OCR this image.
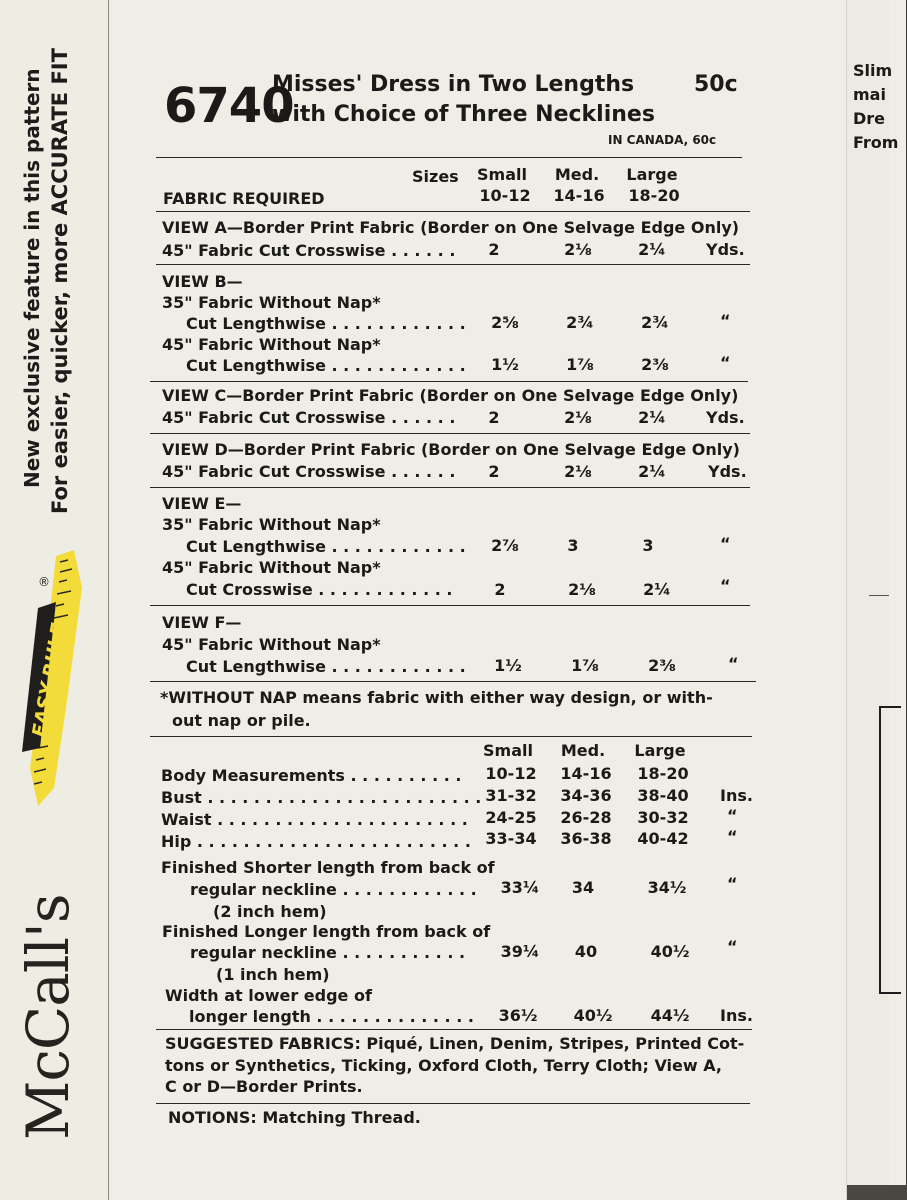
New exclusive feature in this pattern For easier, quicker, more ACCURATE FIT
EASY-RULE
®
McCall's
Slim
mai
Dre
From
6740
Misses' Dress in Two Lengths	50c
with Choice of Three Necklines
IN CANADA, 60c
Sizes	Small	Med.	Large
FABRIC REQUIRED	10-12 14-16 18-20
VIEW A—Border Print Fabric (Border on One Selvage Edge Only)
45" Fabric Cut Crosswise . . . . . .	2	2⅛	2¼	Yds.
VIEW B—
35" Fabric Without Nap*
Cut Lengthwise . . . . . . . . . . . .	2⅝	2¾	2¾	“
45" Fabric Without Nap*
Cut Lengthwise . . . . . . . . . . . .	1½	1⅞	2⅜	“
VIEW C—Border Print Fabric (Border on One Selvage Edge Only)
45" Fabric Cut Crosswise . . . . . .	2	2⅛	2¼	Yds.
VIEW D—Border Print Fabric (Border on One Selvage Edge Only)
45" Fabric Cut Crosswise . . . . . .	2	2⅛	2¼	Yds.
VIEW E—
35" Fabric Without Nap*
Cut Lengthwise . . . . . . . . . . . .	2⅞	3	3	“
45" Fabric Without Nap*
Cut Crosswise . . . . . . . . . . . .	2	2⅛	2¼	“
VIEW F—
45" Fabric Without Nap*
Cut Lengthwise . . . . . . . . . . . .	1½	1⅞	2⅜	“
*WITHOUT NAP means fabric with either way design, or with-
out nap or pile.
Small	Med.	Large
Body Measurements . . . . . . . . . . 10-12 14-16 18-20
Bust . . . . . . . . . . . . . . . . . . . . . . . . 31-32 34-36 38-40 Ins.
Waist . . . . . . . . . . . . . . . . . . . . . . 24-25 26-28 30-32 “
Hip . . . . . . . . . . . . . . . . . . . . . . . . 33-34 36-38 40-42 “
Finished Shorter length from back of
regular neckline . . . . . . . . . . . .	33¼	34	34½	“
(2 inch hem)
Finished Longer length from back of
regular neckline . . . . . . . . . . .	39¼	40	40½	“
(1 inch hem)
Width at lower edge of
longer length . . . . . . . . . . . . . .	36½	40½	44½	Ins.
SUGGESTED FABRICS: Piqué, Linen, Denim, Stripes, Printed Cot-
tons or Synthetics, Ticking, Oxford Cloth, Terry Cloth; View A,
C or D—Border Prints.
NOTIONS: Matching Thread.
